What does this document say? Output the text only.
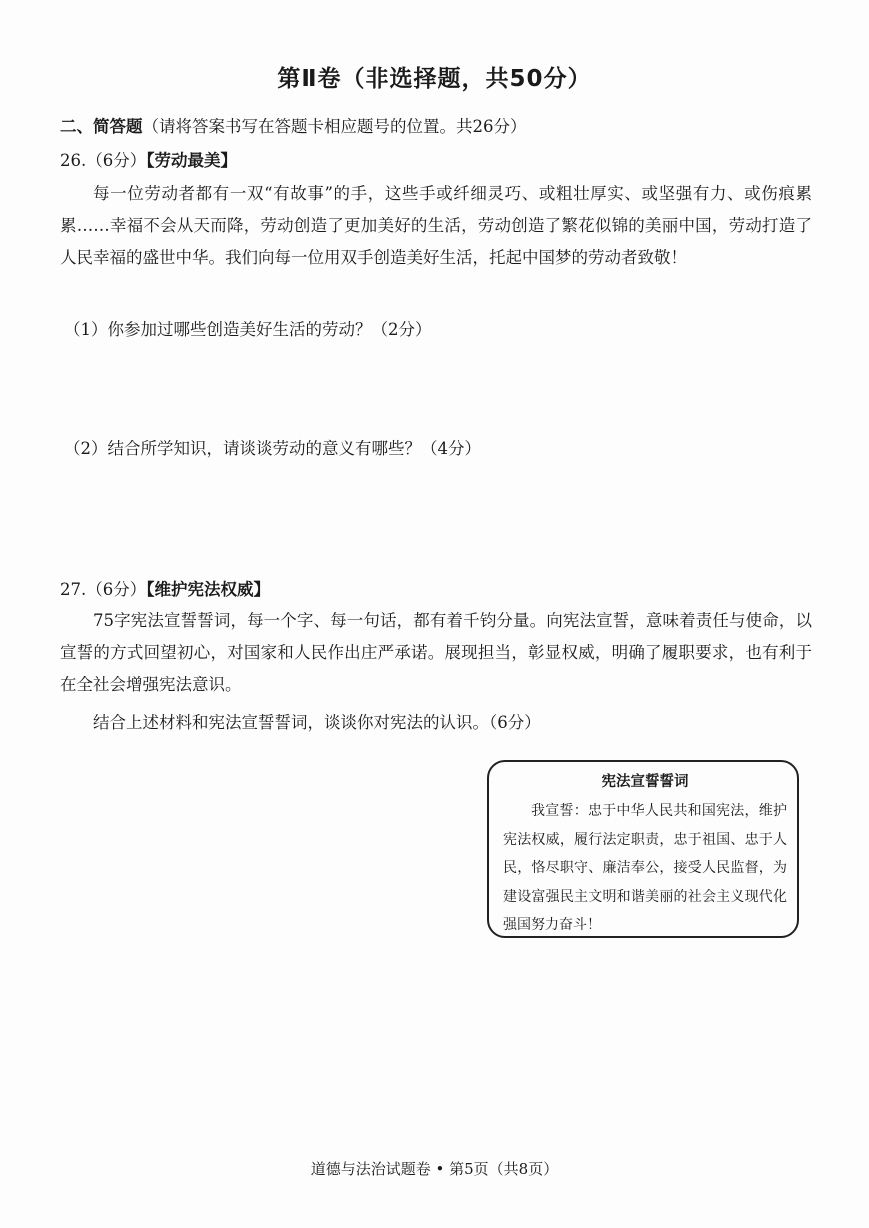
第Ⅱ卷（非选择题，共50分）
二、简答题（请将答案书写在答题卡相应题号的位置。共26分）
26.（6分）【劳动最美】
每一位劳动者都有一双“有故事”的手，这些手或纤细灵巧、或粗壮厚实、或坚强有力、或伤痕累累……幸福不会从天而降，劳动创造了更加美好的生活，劳动创造了繁花似锦的美丽中国，劳动打造了人民幸福的盛世中华。我们向每一位用双手创造美好生活，托起中国梦的劳动者致敬！
（1）你参加过哪些创造美好生活的劳动？（2分）
（2）结合所学知识，请谈谈劳动的意义有哪些？（4分）
27.（6分）【维护宪法权威】
75字宪法宣誓誓词，每一个字、每一句话，都有着千钧分量。向宪法宣誓，意味着责任与使命，以宣誓的方式回望初心，对国家和人民作出庄严承诺。展现担当，彰显权威，明确了履职要求，也有利于在全社会增强宪法意识。
结合上述材料和宪法宣誓誓词，谈谈你对宪法的认识。（6分）
宪法宣誓誓词
我宣誓：忠于中华人民共和国宪法，维护宪法权威，履行法定职责，忠于祖国、忠于人民，恪尽职守、廉洁奉公，接受人民监督，为建设富强民主文明和谐美丽的社会主义现代化强国努力奋斗！
道德与法治试题卷 • 第5页（共8页）
